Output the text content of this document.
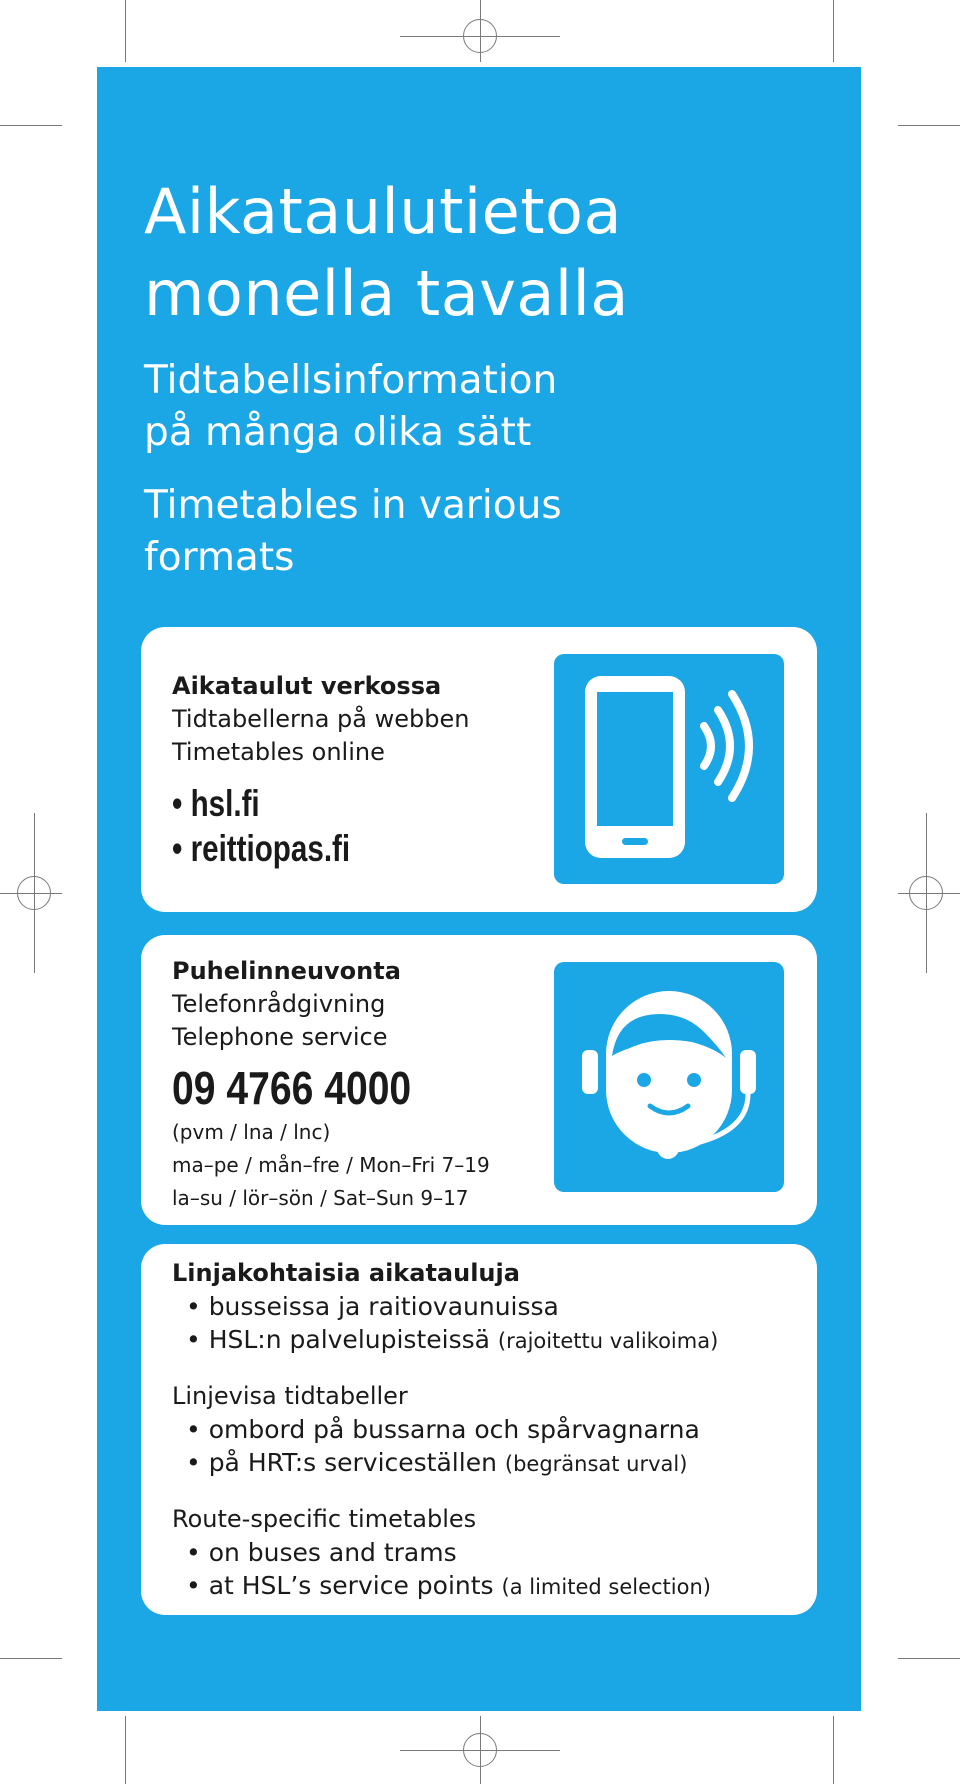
Aikataulutietoa
monella tavalla

Tidtabellsinformation
på många olika sätt

Timetables in various
formats

Aikataulut verkossa
Tidtabellerna på webben
Timetables online
• hsl.fi
• reittiopas.fi
Puhelinneuvonta
Telefonrådgivning
Telephone service
09 4766 4000
(pvm / lna / lnc)
ma–pe / mån–fre / Mon–Fri 7–19
la–su / lör–sön / Sat–Sun 9–17
Linjakohtaisia aikatauluja
• busseissa ja raitiovaunuissa
• HSL:n palvelupisteissä (rajoitettu valikoima)
Linjevisa tidtabeller
• ombord på bussarna och spårvagnarna
• på HRT:s serviceställen (begränsat urval)
Route-specific timetables
• on buses and trams
• at HSL’s service points (a limited selection)
